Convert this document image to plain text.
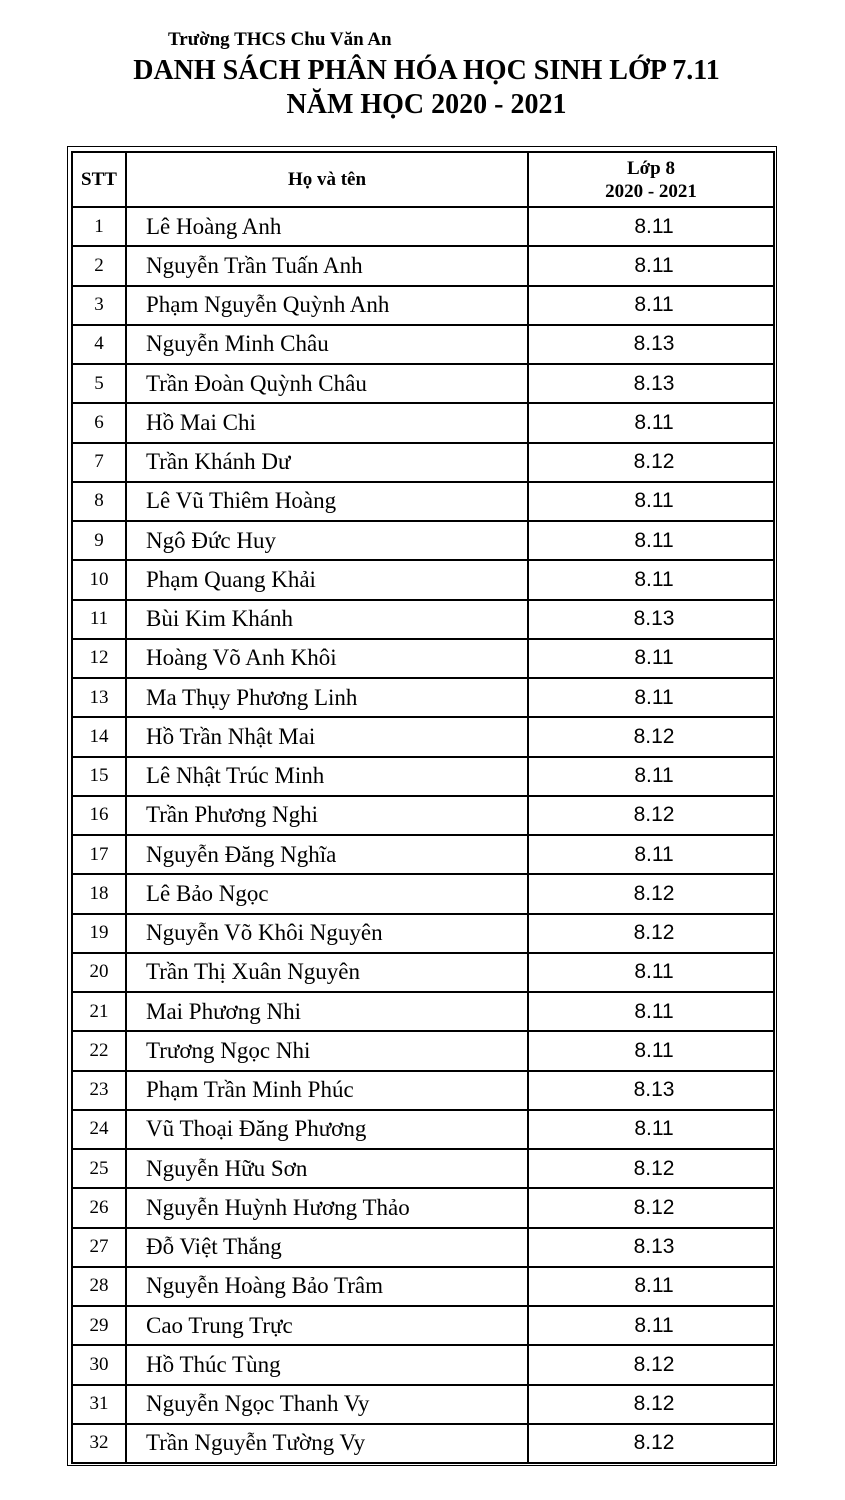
Trường THCS Chu Văn An
DANH SÁCH PHÂN HÓA HỌC SINH LỚP 7.11
NĂM HỌC 2020 - 2021
STT	Họ và tên	Lớp 8
2020 - 2021

1	Lê Hoàng Anh	8.11
2	Nguyễn Trần Tuấn Anh	8.11
3	Phạm Nguyễn Quỳnh Anh	8.11
4	Nguyễn Minh Châu	8.13
5	Trần Đoàn Quỳnh Châu	8.13
6	Hồ Mai Chi	8.11
7	Trần Khánh Dư	8.12
8	Lê Vũ Thiêm Hoàng	8.11
9	Ngô Đức Huy	8.11
10	Phạm Quang Khải	8.11
11	Bùi Kim Khánh	8.13
12	Hoàng Võ Anh Khôi	8.11
13	Ma Thụy Phương Linh	8.11
14	Hồ Trần Nhật Mai	8.12
15	Lê Nhật Trúc Minh	8.11
16	Trần Phương Nghi	8.12
17	Nguyễn Đăng Nghĩa	8.11
18	Lê Bảo Ngọc	8.12
19	Nguyễn Võ Khôi Nguyên	8.12
20	Trần Thị Xuân Nguyên	8.11
21	Mai Phương Nhi	8.11
22	Trương Ngọc Nhi	8.11
23	Phạm Trần Minh Phúc	8.13
24	Vũ Thoại Đăng Phương	8.11
25	Nguyễn Hữu Sơn	8.12
26	Nguyễn Huỳnh Hương Thảo	8.12
27	Đỗ Việt Thắng	8.13
28	Nguyễn Hoàng Bảo Trâm	8.11
29	Cao Trung Trực	8.11
30	Hồ Thúc Tùng	8.12
31	Nguyễn Ngọc Thanh Vy	8.12
32	Trần Nguyễn Tường Vy	8.12
